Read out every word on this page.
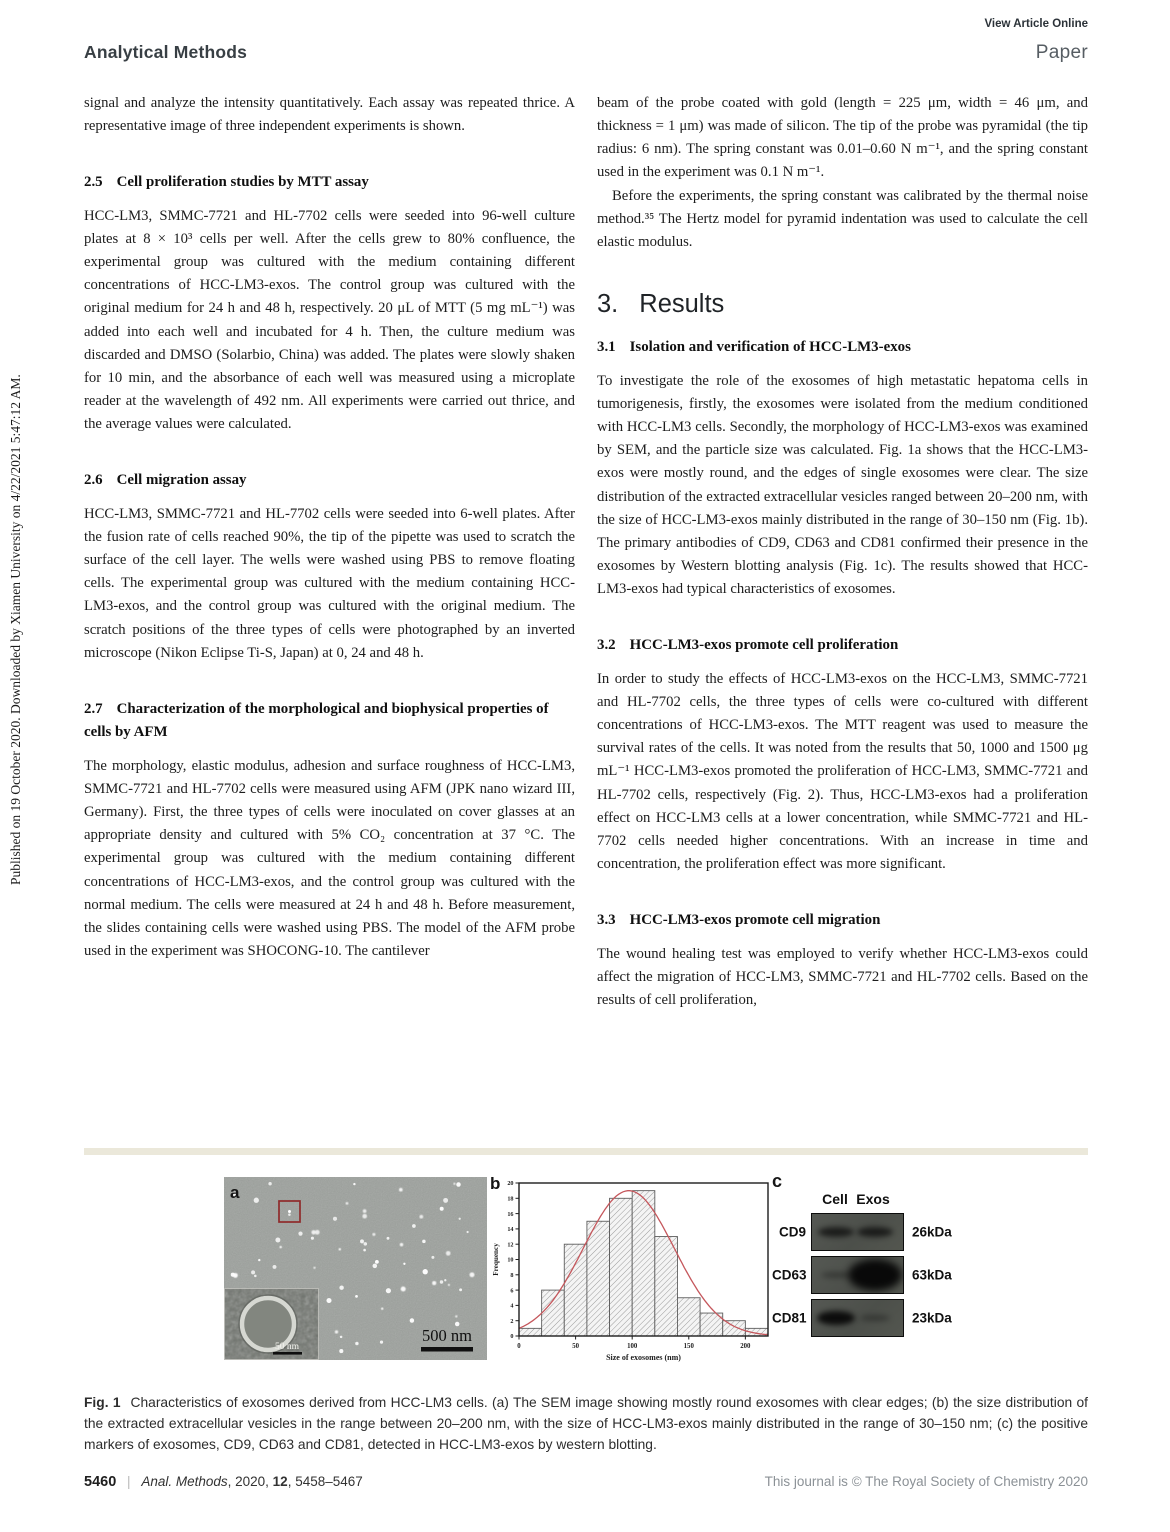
Published on 19 October 2020. Downloaded by Xiamen University on 4/22/2021 5:47:12 AM.
View Article Online
Analytical Methods	Paper

signal and analyze the intensity quantitatively. Each assay was repeated thrice. A representative image of three independent experiments is shown.

2.5 Cell proliferation studies by MTT assay

HCC-LM3, SMMC-7721 and HL-7702 cells were seeded into 96-well culture plates at 8 × 10³ cells per well. After the cells grew to 80% confluence, the experimental group was cultured with the medium containing different concentrations of HCC-LM3-exos. The control group was cultured with the original medium for 24 h and 48 h, respectively. 20 μL of MTT (5 mg mL⁻¹) was added into each well and incubated for 4 h. Then, the culture medium was discarded and DMSO (Solarbio, China) was added. The plates were slowly shaken for 10 min, and the absorbance of each well was measured using a microplate reader at the wavelength of 492 nm. All experiments were carried out thrice, and the average values were calculated.

2.6 Cell migration assay

HCC-LM3, SMMC-7721 and HL-7702 cells were seeded into 6-well plates. After the fusion rate of cells reached 90%, the tip of the pipette was used to scratch the surface of the cell layer. The wells were washed using PBS to remove floating cells. The experimental group was cultured with the medium containing HCC-LM3-exos, and the control group was cultured with the original medium. The scratch positions of the three types of cells were photographed by an inverted microscope (Nikon Eclipse Ti-S, Japan) at 0, 24 and 48 h.

2.7 Characterization of the morphological and biophysical properties of cells by AFM

The morphology, elastic modulus, adhesion and surface roughness of HCC-LM3, SMMC-7721 and HL-7702 cells were measured using AFM (JPK nano wizard III, Germany). First, the three types of cells were inoculated on cover glasses at an appropriate density and cultured with 5% CO₂ concentration at 37 °C. The experimental group was cultured with the medium containing different concentrations of HCC-LM3-exos, and the control group was cultured with the normal medium. The cells were measured at 24 h and 48 h. Before measurement, the slides containing cells were washed using PBS. The model of the AFM probe used in the experiment was SHOCONG-10. The cantilever

beam of the probe coated with gold (length = 225 μm, width = 46 μm, and thickness = 1 μm) was made of silicon. The tip of the probe was pyramidal (the tip radius: 6 nm). The spring constant was 0.01–0.60 N m⁻¹, and the spring constant used in the experiment was 0.1 N m⁻¹.

Before the experiments, the spring constant was calibrated by the thermal noise method.³⁵ The Hertz model for pyramid indentation was used to calculate the cell elastic modulus.

3. Results
3.1 Isolation and verification of HCC-LM3-exos

To investigate the role of the exosomes of high metastatic hepatoma cells in tumorigenesis, firstly, the exosomes were isolated from the medium conditioned with HCC-LM3 cells. Secondly, the morphology of HCC-LM3-exos was examined by SEM, and the particle size was calculated. Fig. 1a shows that the HCC-LM3-exos were mostly round, and the edges of single exosomes were clear. The size distribution of the extracted extracellular vesicles ranged between 20–200 nm, with the size of HCC-LM3-exos mainly distributed in the range of 30–150 nm (Fig. 1b). The primary antibodies of CD9, CD63 and CD81 confirmed their presence in the exosomes by Western blotting analysis (Fig. 1c). The results showed that HCC-LM3-exos had typical characteristics of exosomes.

3.2 HCC-LM3-exos promote cell proliferation

In order to study the effects of HCC-LM3-exos on the HCC-LM3, SMMC-7721 and HL-7702 cells, the three types of cells were co-cultured with different concentrations of HCC-LM3-exos. The MTT reagent was used to measure the survival rates of the cells. It was noted from the results that 50, 1000 and 1500 μg mL⁻¹ HCC-LM3-exos promoted the proliferation of HCC-LM3, SMMC-7721 and HL-7702 cells, respectively (Fig. 2). Thus, HCC-LM3-exos had a proliferation effect on HCC-LM3 cells at a lower concentration, while SMMC-7721 and HL-7702 cells needed higher concentrations. With an increase in time and concentration, the proliferation effect was more significant.

3.3 HCC-LM3-exos promote cell migration

The wound healing test was employed to verify whether HCC-LM3-exos could affect the migration of HCC-LM3, SMMC-7721 and HL-7702 cells. Based on the results of cell proliferation,

50 nm
a
500 nm	0
2
4
6
8
10
12
14
16
18
20
0	50	100	150	200
Size of exosomes (nm)
Frequency
b	c
Cell Exos
CD9	26kDa
CD63	63kDa
CD81	23kDa

Fig. 1 Characteristics of exosomes derived from HCC-LM3 cells. (a) The SEM image showing mostly round exosomes with clear edges; (b) the size distribution of the extracted extracellular vesicles in the range between 20–200 nm, with the size of HCC-LM3-exos mainly distributed in the range of 30–150 nm; (c) the positive markers of exosomes, CD9, CD63 and CD81, detected in HCC-LM3-exos by western blotting.

5460 | Anal. Methods, 2020, 12, 5458–5467	This journal is © The Royal Society of Chemistry 2020
